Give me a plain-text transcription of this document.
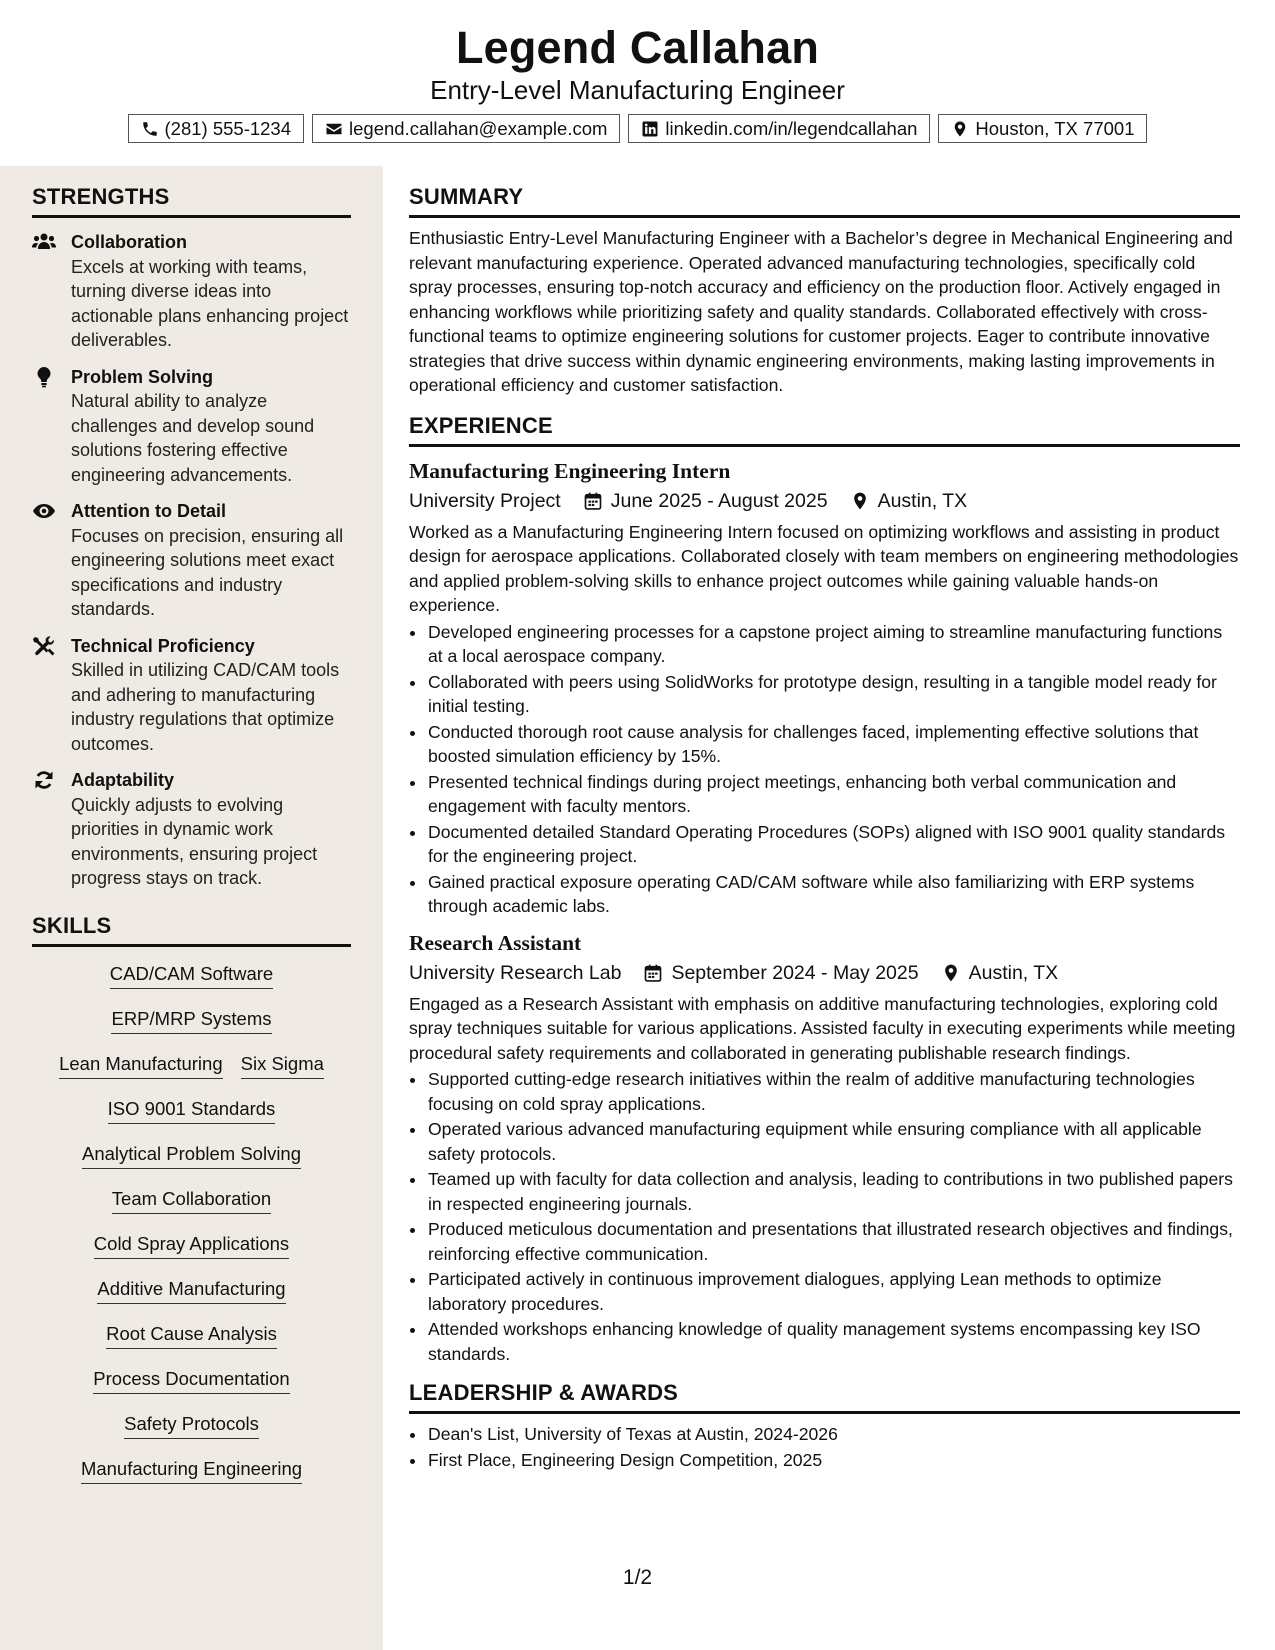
Legend Callahan
Entry-Level Manufacturing Engineer
(281) 555-1234	legend.callahan@example.com	linkedin.com/in/legendcallahan	Houston, TX 77001
STRENGTHS
Collaboration
Excels at working with teams, turning diverse ideas into actionable plans enhancing project deliverables.
Problem Solving
Natural ability to analyze challenges and develop sound solutions fostering effective engineering advancements.
Attention to Detail
Focuses on precision, ensuring all engineering solutions meet exact specifications and industry standards.
Technical Proficiency
Skilled in utilizing CAD/CAM tools and adhering to manufacturing industry regulations that optimize outcomes.
Adaptability
Quickly adjusts to evolving priorities in dynamic work environments, ensuring project progress stays on track.
SKILLS
CAD/CAM Software
ERP/MRP Systems
Lean Manufacturing Six Sigma
ISO 9001 Standards
Analytical Problem Solving
Team Collaboration
Cold Spray Applications
Additive Manufacturing
Root Cause Analysis
Process Documentation
Safety Protocols
Manufacturing Engineering
SUMMARY
Enthusiastic Entry-Level Manufacturing Engineer with a Bachelor’s degree in Mechanical Engineering and relevant manufacturing experience. Operated advanced manufacturing technologies, specifically cold spray processes, ensuring top-notch accuracy and efficiency on the production floor. Actively engaged in enhancing workflows while prioritizing safety and quality standards. Collaborated effectively with cross-functional teams to optimize engineering solutions for customer projects. Eager to contribute innovative strategies that drive success within dynamic engineering environments, making lasting improvements in operational efficiency and customer satisfaction.
EXPERIENCE
Manufacturing Engineering Intern
University Project	June 2025 - August 2025	Austin, TX
Worked as a Manufacturing Engineering Intern focused on optimizing workflows and assisting in product design for aerospace applications. Collaborated closely with team members on engineering methodologies and applied problem-solving skills to enhance project outcomes while gaining valuable hands-on experience.
• Developed engineering processes for a capstone project aiming to streamline manufacturing functions at a local aerospace company.
• Collaborated with peers using SolidWorks for prototype design, resulting in a tangible model ready for initial testing.
• Conducted thorough root cause analysis for challenges faced, implementing effective solutions that boosted simulation efficiency by 15%.
• Presented technical findings during project meetings, enhancing both verbal communication and engagement with faculty mentors.
• Documented detailed Standard Operating Procedures (SOPs) aligned with ISO 9001 quality standards for the engineering project.
• Gained practical exposure operating CAD/CAM software while also familiarizing with ERP systems through academic labs.
Research Assistant
University Research Lab	September 2024 - May 2025	Austin, TX
Engaged as a Research Assistant with emphasis on additive manufacturing technologies, exploring cold spray techniques suitable for various applications. Assisted faculty in executing experiments while meeting procedural safety requirements and collaborated in generating publishable research findings.
• Supported cutting-edge research initiatives within the realm of additive manufacturing technologies focusing on cold spray applications.
• Operated various advanced manufacturing equipment while ensuring compliance with all applicable safety protocols.
• Teamed up with faculty for data collection and analysis, leading to contributions in two published papers in respected engineering journals.
• Produced meticulous documentation and presentations that illustrated research objectives and findings, reinforcing effective communication.
• Participated actively in continuous improvement dialogues, applying Lean methods to optimize laboratory procedures.
• Attended workshops enhancing knowledge of quality management systems encompassing key ISO standards.
LEADERSHIP & AWARDS
• Dean's List, University of Texas at Austin, 2024-2026
• First Place, Engineering Design Competition, 2025
1/2
